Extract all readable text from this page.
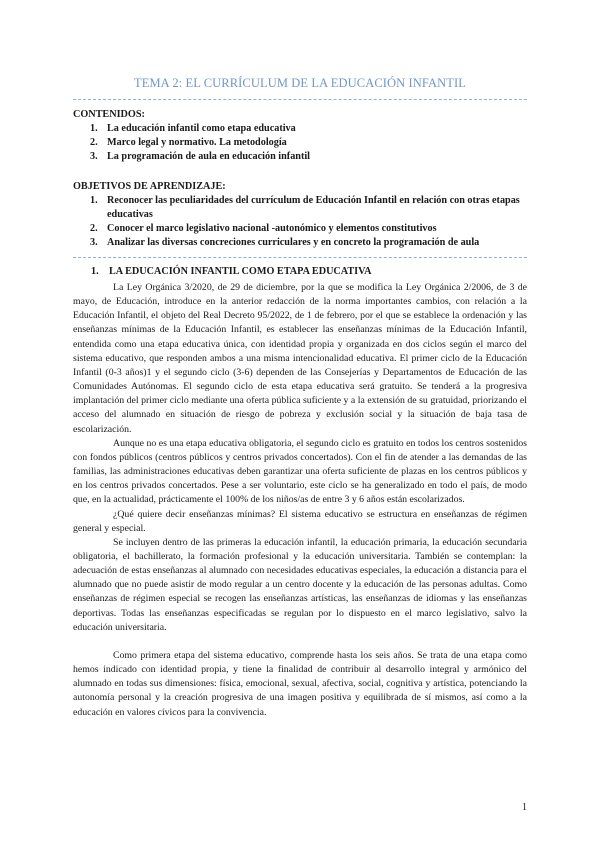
TEMA 2: EL CURRÍCULUM DE LA EDUCACIÓN INFANTIL
CONTENIDOS:
1. La educación infantil como etapa educativa
2. Marco legal y normativo. La metodología
3. La programación de aula en educación infantil
OBJETIVOS DE APRENDIZAJE:
1. Reconocer las peculiaridades del currículum de Educación Infantil en relación con otras etapas educativas
2. Conocer el marco legislativo nacional -autonómico y elementos constitutivos
3. Analizar las diversas concreciones curriculares y en concreto la programación de aula
1. LA EDUCACIÓN INFANTIL COMO ETAPA EDUCATIVA

La Ley Orgánica 3/2020, de 29 de diciembre, por la que se modifica la Ley Orgánica 2/2006, de 3 de mayo, de Educación, introduce en la anterior redacción de la norma importantes cambios, con relación a la Educación Infantil, el objeto del Real Decreto 95/2022, de 1 de febrero, por el que se establece la ordenación y las enseñanzas mínimas de la Educación Infantil, es establecer las enseñanzas mínimas de la Educación Infantil, entendida como una etapa educativa única, con identidad propia y organizada en dos ciclos según el marco del sistema educativo, que responden ambos a una misma intencionalidad educativa. El primer ciclo de la Educación Infantil (0-3 años)1 y el segundo ciclo (3-6) dependen de las Consejerías y Departamentos de Educación de las Comunidades Autónomas. El segundo ciclo de esta etapa educativa será gratuito. Se tenderá a la progresiva implantación del primer ciclo mediante una oferta pública suficiente y a la extensión de su gratuidad, priorizando el acceso del alumnado en situación de riesgo de pobreza y exclusión social y la situación de baja tasa de escolarización.

Aunque no es una etapa educativa obligatoria, el segundo ciclo es gratuito en todos los centros sostenidos con fondos públicos (centros públicos y centros privados concertados). Con el fin de atender a las demandas de las familias, las administraciones educativas deben garantizar una oferta suficiente de plazas en los centros públicos y en los centros privados concertados. Pese a ser voluntario, este ciclo se ha generalizado en todo el país, de modo que, en la actualidad, prácticamente el 100% de los niños/as de entre 3 y 6 años están escolarizados.

¿Qué quiere decir enseñanzas mínimas? El sistema educativo se estructura en enseñanzas de régimen general y especial.

Se incluyen dentro de las primeras la educación infantil, la educación primaria, la educación secundaria obligatoria, el bachillerato, la formación profesional y la educación universitaria. También se contemplan: la adecuación de estas enseñanzas al alumnado con necesidades educativas especiales, la educación a distancia para el alumnado que no puede asistir de modo regular a un centro docente y la educación de las personas adultas. Como enseñanzas de régimen especial se recogen las enseñanzas artísticas, las enseñanzas de idiomas y las enseñanzas deportivas. Todas las enseñanzas especificadas se regulan por lo dispuesto en el marco legislativo, salvo la educación universitaria.

Como primera etapa del sistema educativo, comprende hasta los seis años. Se trata de una etapa como hemos indicado con identidad propia, y tiene la finalidad de contribuir al desarrollo integral y armónico del alumnado en todas sus dimensiones: física, emocional, sexual, afectiva, social, cognitiva y artística, potenciando la autonomía personal y la creación progresiva de una imagen positiva y equilibrada de sí mismos, así como a la educación en valores cívicos para la convivencia.

1
